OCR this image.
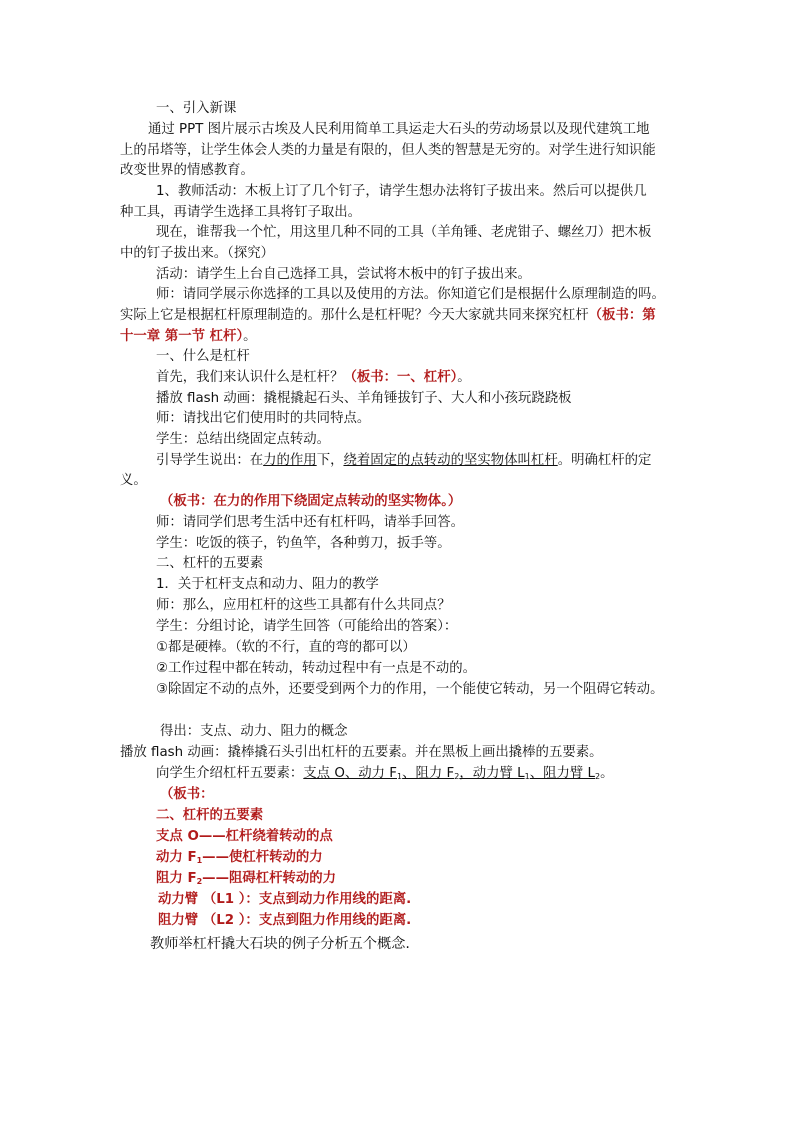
一、引入新课
通过 PPT 图片展示古埃及人民利用简单工具运走大石头的劳动场景以及现代建筑工地
上的吊塔等，让学生体会人类的力量是有限的，但人类的智慧是无穷的。对学生进行知识能
改变世界的情感教育。
1、教师活动：木板上订了几个钉子，请学生想办法将钉子拔出来。然后可以提供几
种工具，再请学生选择工具将钉子取出。
现在，谁帮我一个忙，用这里几种不同的工具（羊角锤、老虎钳子、螺丝刀）把木板
中的钉子拔出来。（探究）
活动：请学生上台自己选择工具，尝试将木板中的钉子拔出来。
师：请同学展示你选择的工具以及使用的方法。你知道它们是根据什么原理制造的吗。
实际上它是根据杠杆原理制造的。那什么是杠杆呢？今天大家就共同来探究杠杆（板书：第
十一章 第一节 杠杆）。
一、什么是杠杆
首先，我们来认识什么是杠杆？（板书：一、杠杆）。
播放 flash 动画：撬棍撬起石头、羊角锤拔钉子、大人和小孩玩跷跷板
师：请找出它们使用时的共同特点。
学生：总结出绕固定点转动。
引导学生说出：在力的作用下，绕着固定的点转动的坚实物体叫杠杆。明确杠杆的定
义。
（板书：在力的作用下绕固定点转动的坚实物体。）
师：请同学们思考生活中还有杠杆吗，请举手回答。
学生：吃饭的筷子，钓鱼竿，各种剪刀，扳手等。
二、杠杆的五要素
1．关于杠杆支点和动力、阻力的教学
师：那么，应用杠杆的这些工具都有什么共同点？
学生：分组讨论，请学生回答（可能给出的答案）：
①都是硬棒。（软的不行，直的弯的都可以）
②工作过程中都在转动，转动过程中有一点是不动的。
③除固定不动的点外，还要受到两个力的作用，一个能使它转动，另一个阻碍它转动。
得出：支点、动力、阻力的概念
播放 flash 动画：撬棒撬石头引出杠杆的五要素。并在黑板上画出撬棒的五要素。
向学生介绍杠杆五要素：支点 O、动力 $F_1$、阻力 $F_2$，动力臂 $L_1$、阻力臂 $L_2$。
（板书：
二、杠杆的五要素
支点 O——杠杆绕着转动的点
动力 $F_1——$使杠杆转动的力
阻力 $F_2——$阻碍杠杆转动的力
动力臂 （L1 ）：支点到动力作用线的距离.
阻力臂 （L2 ）：支点到阻力作用线的距离.
教师举杠杆撬大石块的例子分析五个概念.
